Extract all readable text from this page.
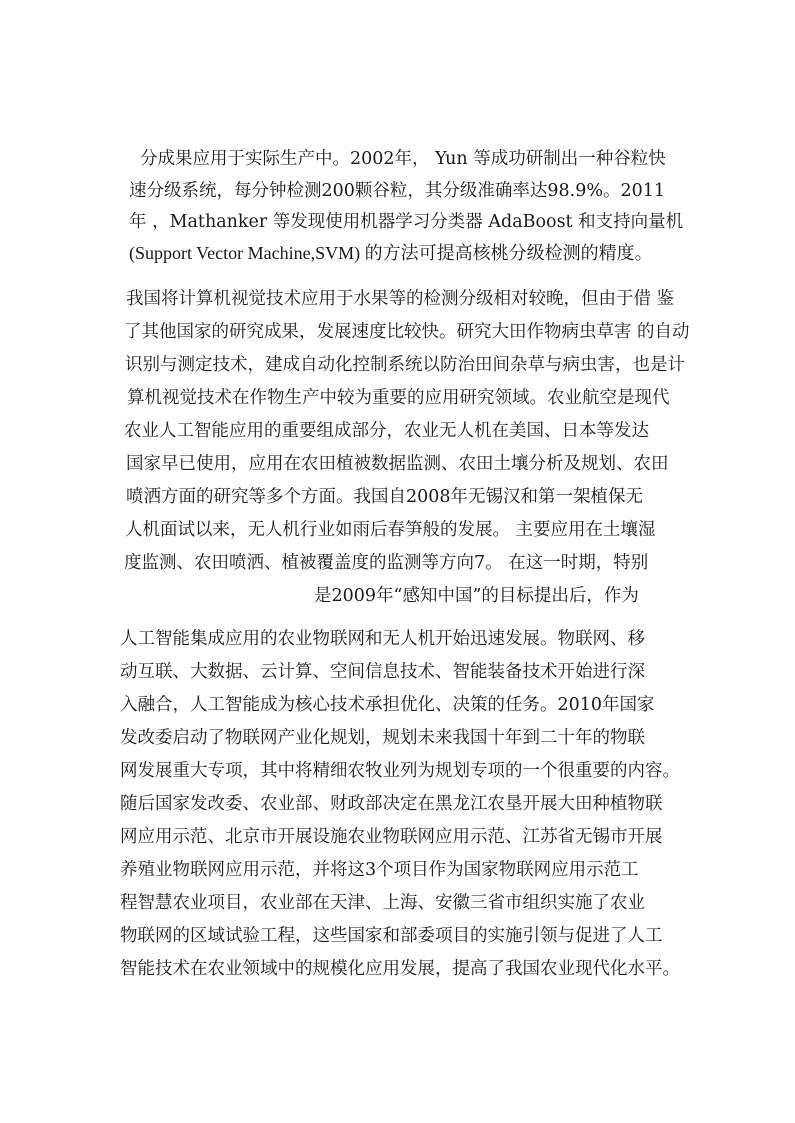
分成果应用于实际生产中。2002年， Yun 等成功研制出一种谷粒快
速分级系统，每分钟检测200颗谷粒，其分级准确率达98.9%。2011
年 ，Mathanker 等发现使用机器学习分类器 AdaBoost 和支持向量机
(Support Vector Machine,SVM) 的方法可提高核桃分级检测的精度。
我国将计算机视觉技术应用于水果等的检测分级相对较晚，但由于借 鉴
了其他国家的研究成果，发展速度比较快。研究大田作物病虫草害 的自动
识别与测定技术，建成自动化控制系统以防治田间杂草与病虫害，也是计
算机视觉技术在作物生产中较为重要的应用研究领域。农业航空是现代
农业人工智能应用的重要组成部分，农业无人机在美国、日本等发达
国家早已使用，应用在农田植被数据监测、农田土壤分析及规划、农田
喷洒方面的研究等多个方面。我国自2008年无锡汉和第一架植保无
人机面试以来，无人机行业如雨后春笋般的发展。 主要应用在土壤湿
度监测、农田喷洒、植被覆盖度的监测等方向7。 在这一时期，特别
是2009年“感知中国”的目标提出后，作为
人工智能集成应用的农业物联网和无人机开始迅速发展。物联网、移
动互联、大数据、云计算、空间信息技术、智能装备技术开始进行深
入融合，人工智能成为核心技术承担优化、决策的任务。2010年国家
发改委启动了物联网产业化规划，规划未来我国十年到二十年的物联
网发展重大专项，其中将精细农牧业列为规划专项的一个很重要的内容。
随后国家发改委、农业部、财政部决定在黑龙江农垦开展大田种植物联
网应用示范、北京市开展设施农业物联网应用示范、江苏省无锡市开展
养殖业物联网应用示范，并将这3个项目作为国家物联网应用示范工
程智慧农业项目，农业部在天津、上海、安徽三省市组织实施了农业
物联网的区域试验工程，这些国家和部委项目的实施引领与促进了人工
智能技术在农业领域中的规模化应用发展，提高了我国农业现代化水平。
